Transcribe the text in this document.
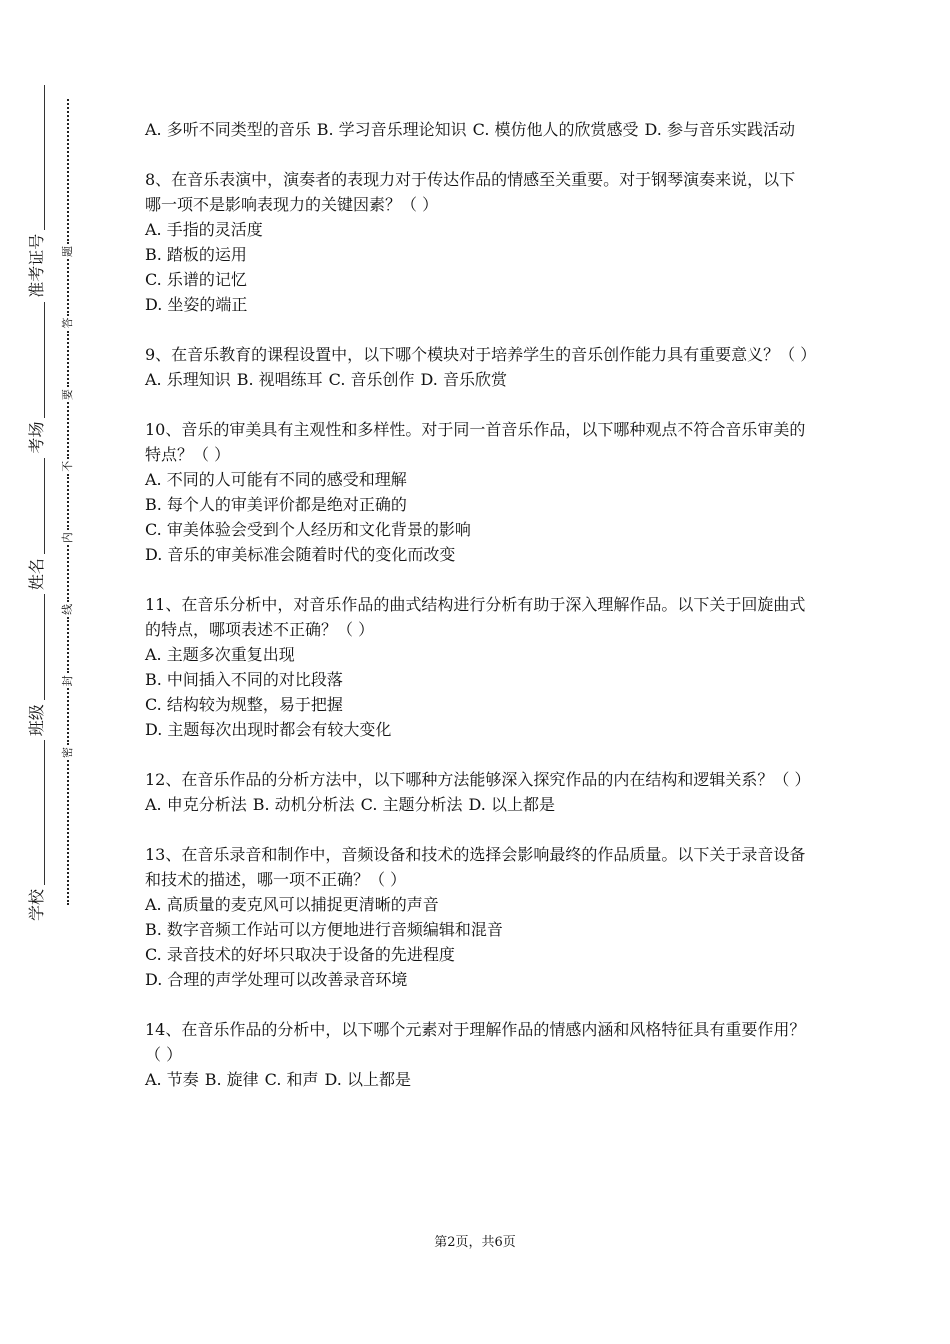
学校
班级
姓名
考场
准考证号
密
封
线
内
不
要
答
题
A. 多听不同类型的音乐 B. 学习音乐理论知识 C. 模仿他人的欣赏感受 D. 参与音乐实践活动
8、在音乐表演中，演奏者的表现力对于传达作品的情感至关重要。对于钢琴演奏来说，以下哪一项不是影响表现力的关键因素？（ ）
A. 手指的灵活度
B. 踏板的运用
C. 乐谱的记忆
D. 坐姿的端正
9、在音乐教育的课程设置中，以下哪个模块对于培养学生的音乐创作能力具有重要意义？（ ）
A. 乐理知识 B. 视唱练耳 C. 音乐创作 D. 音乐欣赏
10、音乐的审美具有主观性和多样性。对于同一首音乐作品，以下哪种观点不符合音乐审美的特点？（ ）
A. 不同的人可能有不同的感受和理解
B. 每个人的审美评价都是绝对正确的
C. 审美体验会受到个人经历和文化背景的影响
D. 音乐的审美标准会随着时代的变化而改变
11、在音乐分析中，对音乐作品的曲式结构进行分析有助于深入理解作品。以下关于回旋曲式的特点，哪项表述不正确？（ ）
A. 主题多次重复出现
B. 中间插入不同的对比段落
C. 结构较为规整，易于把握
D. 主题每次出现时都会有较大变化
12、在音乐作品的分析方法中，以下哪种方法能够深入探究作品的内在结构和逻辑关系？（ ）
A. 申克分析法 B. 动机分析法 C. 主题分析法 D. 以上都是
13、在音乐录音和制作中，音频设备和技术的选择会影响最终的作品质量。以下关于录音设备和技术的描述，哪一项不正确？（ ）
A. 高质量的麦克风可以捕捉更清晰的声音
B. 数字音频工作站可以方便地进行音频编辑和混音
C. 录音技术的好坏只取决于设备的先进程度
D. 合理的声学处理可以改善录音环境
14、在音乐作品的分析中，以下哪个元素对于理解作品的情感内涵和风格特征具有重要作用？（ ）
A. 节奏 B. 旋律 C. 和声 D. 以上都是
第2页，共6页
